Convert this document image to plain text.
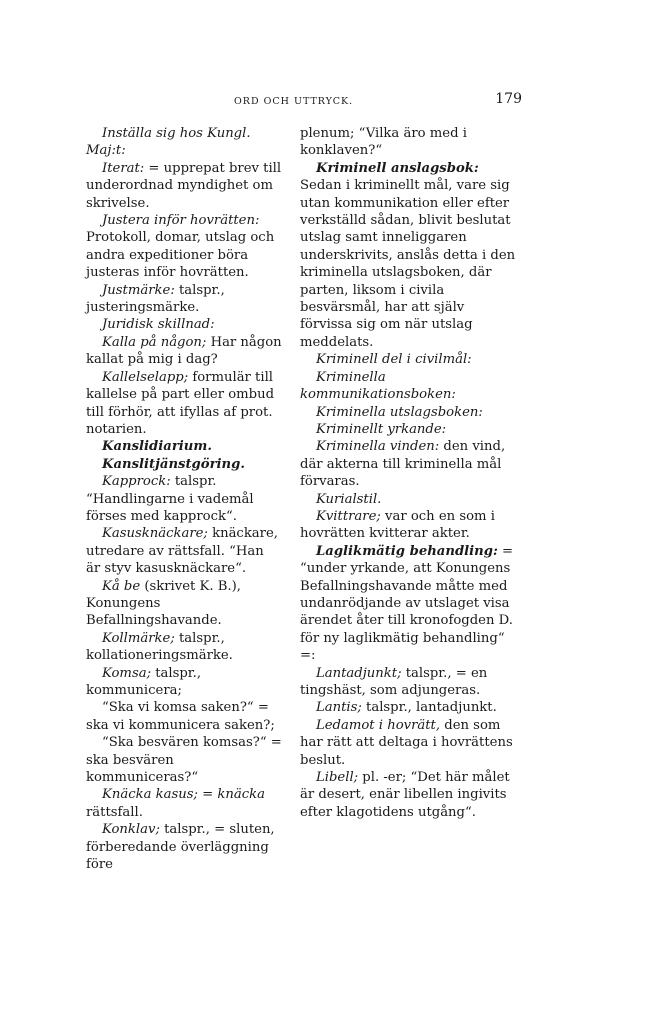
ORD OCH UTTRYCK.	179

Inställa sig hos Kungl. Maj:t:

Iterat: = upprepat brev till underordnad myndighet om skrivelse.

Justera inför hovrätten: Protokoll, domar, utslag och andra expeditioner böra justeras inför hovrätten.

Justmärke: talspr., justeringsmärke.

Juridisk skillnad:

Kalla på någon; Har någon kallat på mig i dag?

Kallelselapp; formulär till kallelse på part eller ombud till förhör, att ifyllas af prot. notarien.

Kanslidiarium.

Kanslitjänstgöring.

Kapprock: talspr. “Handlingarne i vademål förses med kapprock“.

Kasusknäckare; knäckare, utredare av rättsfall. “Han är styv kasusknäckare“.

Kå be (skrivet K. B.), Konungens Befallningshavande.

Kollmärke; talspr., kollationeringsmärke.

Komsa; talspr., kommunicera;

“Ska vi komsa saken?“ = ska vi kommunicera saken?;

“Ska besvären komsas?“ = ska besvären kommuniceras?“

Knäcka kasus; = knäcka rättsfall.

Konklav; talspr., = sluten, förberedande överläggning före

plenum; “Vilka äro med i konklaven?“

Kriminell anslagsbok: Sedan i kriminellt mål, vare sig utan kommunikation eller efter verkställd sådan, blivit beslutat utslag samt inneliggaren underskrivits, anslås detta i den kriminella utslagsboken, där parten, liksom i civila besvärsmål, har att själv förvissa sig om när utslag meddelats.

Kriminell del i civilmål:

Kriminella kommunikationsboken:

Kriminella utslagsboken:

Kriminellt yrkande:

Kriminella vinden: den vind, där akterna till kriminella mål förvaras.

Kurialstil.

Kvittrare; var och en som i hovrätten kvitterar akter.

Laglikmätig behandling: = “under yrkande, att Konungens Befallningshavande måtte med undanrödjande av utslaget visa ärendet åter till kronofogden D. för ny laglikmätig behandling“ =:

Lantadjunkt; talspr., = en tingshäst, som adjungeras.

Lantis; talspr., lantadjunkt.

Ledamot i hovrätt, den som har rätt att deltaga i hovrättens beslut.

Libell; pl. -er; “Det här målet är desert, enär libellen ingivits efter klagotidens utgång“.
